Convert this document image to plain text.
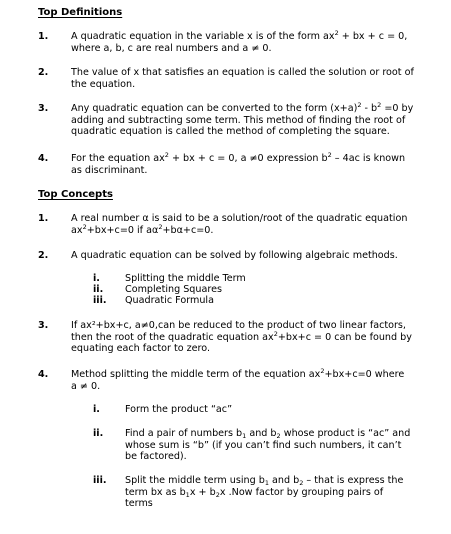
Top Definitions
1. A quadratic equation in the variable x is of the form $ax^2$ + bx + c = 0,

where a, b, c are real numbers and a ≠ 0.

2. The value of x that satisfies an equation is called the solution or root of

the equation.

3. Any quadratic equation can be converted to the form $(x+a)^2 - b^2 =0$ by

adding and subtracting some term. This method of finding the root of

quadratic equation is called the method of completing the square.

4. For the equation $ax^2$ + bx + c = 0, a ≠0 expression $b^2 - 4ac$ is known

as discriminant.

Top Concepts
1. A real number α is said to be a solution/root of the quadratic equation

$ax^2+bx+c=0$ if $a\alpha^2+b\alpha+c=0$.

2. A quadratic equation can be solved by following algebraic methods.

i.	Splitting the middle Term
ii. Completing Squares
iii. Quadratic Formula
3. If ax²+bx+c, a≠0,can be reduced to the product of two linear factors,

then the root of the quadratic equation $ax^2+bx+c = 0$ can be found by

equating each factor to zero.

4. Method splitting the middle term of the equation $ax^2+bx+c=0$ where

a ≠ 0.

i.	Form the product “ac”
ii. Find a pair of numbers $b_1$ and $b_2$ whose product is “ac” and

whose sum is “b” (if you can’t find such numbers, it can’t

be factored).

iii. Split the middle term using $b_1$ and $b_2$ – that is express the

term bx as $b_1x + b_2x$ .Now factor by grouping pairs of

terms
